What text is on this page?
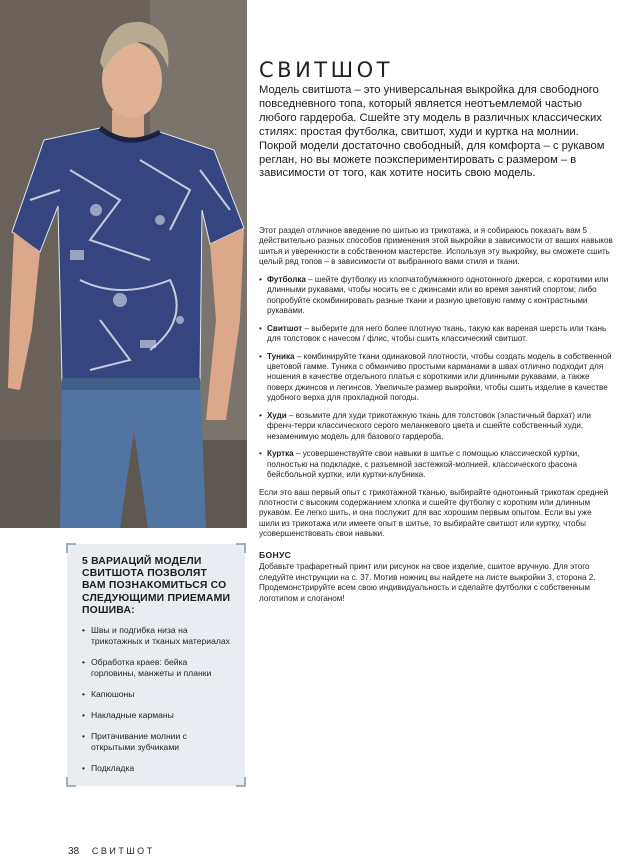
СВИТШОТ

Модель свитшота – это универсальная выкройка для свободного повседневного топа, который является неотъемлемой частью любого гардероба. Сшейте эту модель в различных классических стилях: простая футболка, свитшот, худи и куртка на молнии. Покрой модели достаточно свободный, для комфорта – с рукавом реглан, но вы можете поэкспериментировать с размером – в зависимости от того, как хотите носить свою модель.

Этот раздел отличное введение по шитью из трикотажа, и я собираюсь показать вам 5 действительно разных способов применения этой выкройки в зависимости от ваших навыков шитья и уверенности в собственном мастерстве. Используя эту выкройку, вы сможете сшить целый ряд топов – в зависимости от выбранного вами стиля и ткани.

• Футболка – шейте футболку из хлопчатобумажного однотонного джерси, с короткими или длинными рукавами, чтобы носить ее с джинсами или во время занятий спортом; либо попробуйте скомбинировать разные ткани и разную цветовую гамму с контрастными рукавами.
• Свитшот – выберите для него более плотную ткань, такую как вареная шерсть или ткань для толстовок с начесом / флис, чтобы сшить классический свитшот.
• Туника – комбинируйте ткани одинаковой плотности, чтобы создать модель в собственной цветовой гамме. Туника с обманчиво простыми карманами в швах отлично подходит для ношения в качестве отдельного платья с короткими или длинными рукавами, а также поверх джинсов и легинсов. Увеличьте размер выкройки, чтобы сшить изделие в качестве удобного верха для прохладной погоды.
• Худи – возьмите для худи трикотажную ткань для толстовок (эластичный бархат) или френч-терри классического серого меланжевого цвета и сшейте собственный худи, незаменимую модель для базового гардероба.
• Куртка – усовершенствуйте свои навыки в шитье с помощью классической куртки, полностью на подкладке, с разъемной застежкой-молнией, классического фасона бейсбольной куртки, или куртки-клубника.

Если это ваш первый опыт с трикотажной тканью, выбирайте однотонный трикотаж средней плотности с высоким содержанием хлопка и сшейте футболку с коротким или длинным рукавом. Ее легко шить, и она послужит для вас хорошим первым опытом. Если вы уже шили из трикотажа или имеете опыт в шитье, то выбирайте свитшот или куртку, чтобы усовершенствовать свои навыки.

БОНУС

Добавьте трафаретный принт или рисунок на свое изделие, сшитое вручную. Для этого следуйте инструкции на с. 37. Мотив ножниц вы найдете на листе выкройки 3, сторона 2. Продемонстрируйте всем свою индивидуальность и сделайте футболки с собственным логотипом и слоганом!

5 ВАРИАЦИЙ МОДЕЛИ СВИТШОТА ПОЗВОЛЯТ ВАМ ПОЗНАКОМИТЬСЯ СО СЛЕДУЮЩИМИ ПРИЕМАМИ ПОШИВА:
• Швы и подгибка низа на трикотажных и тканых материалах
• Обработка краев: бейка горловины, манжеты и планки
• Капюшоны
• Накладные карманы
• Притачивание молнии с открытыми зубчиками
• Подкладка
38 СВИТШОТ
